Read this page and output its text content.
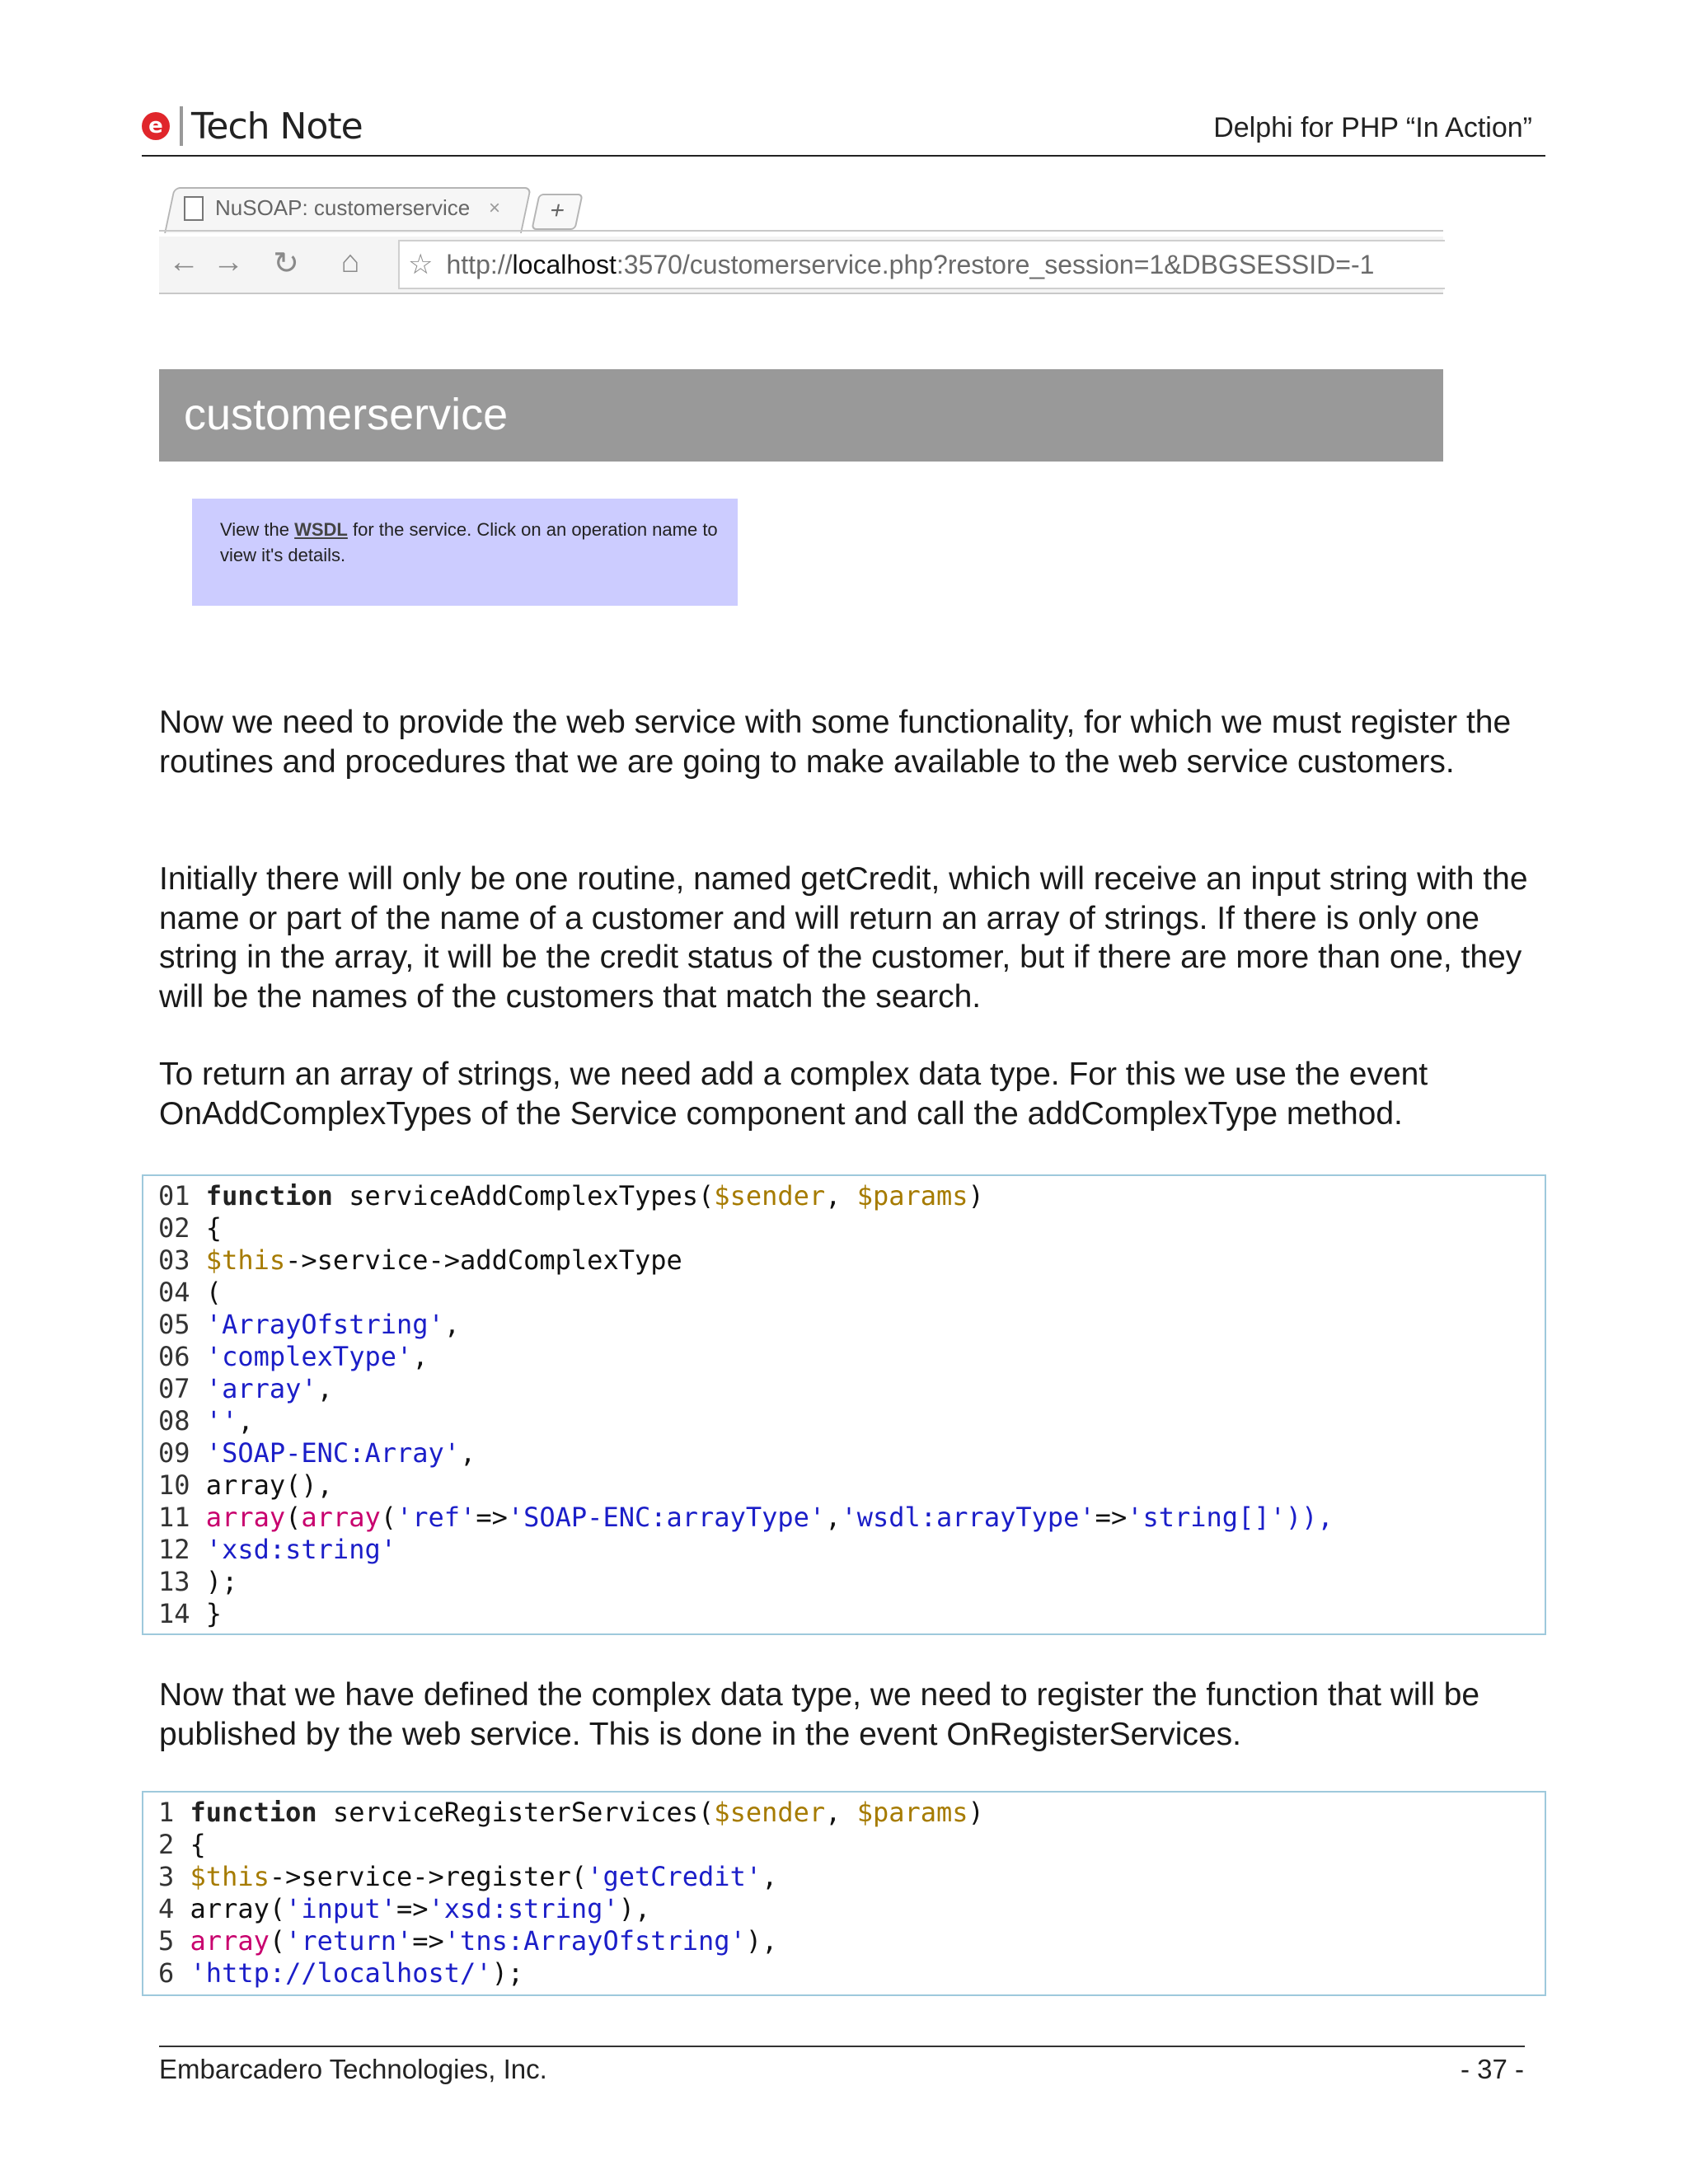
e Tech Note	Delphi for PHP “In Action”
NuSOAP: customerservice ×	+
← → ↻	⌂	☆ http://localhost:3570/customerservice.php?restore_session=1&DBGSESSID=-1
customerservice
View the WSDL for the service. Click on an operation name to view it's details.

Now we need to provide the web service with some functionality, for which we must register the routines and procedures that we are going to make available to the web service customers.

Initially there will only be one routine, named getCredit, which will receive an input string with the name or part of the name of a customer and will return an array of strings. If there is only one string in the array, it will be the credit status of the customer, but if there are more than one, they will be the names of the customers that match the search.

To return an array of strings, we need add a complex data type. For this we use the event OnAddComplexTypes of the Service component and call the addComplexType method.

01 function serviceAddComplexTypes($sender, $params)
02 {
03 $this->service->addComplexType
04 (
05 'ArrayOfstring',
06 'complexType',
07 'array',
08 '',
09 'SOAP-ENC:Array',
10 array(),
11 array(array('ref'=>'SOAP-ENC:arrayType','wsdl:arrayType'=>'string[]')),
12 'xsd:string'
13 );
14 }

Now that we have defined the complex data type, we need to register the function that will be published by the web service. This is done in the event OnRegisterServices.

1 function serviceRegisterServices($sender, $params)
2 {
3 $this->service->register('getCredit',
4 array('input'=>'xsd:string'),
5 array('return'=>'tns:ArrayOfstring'),
6 'http://localhost/');
Embarcadero Technologies, Inc.	- 37 -
